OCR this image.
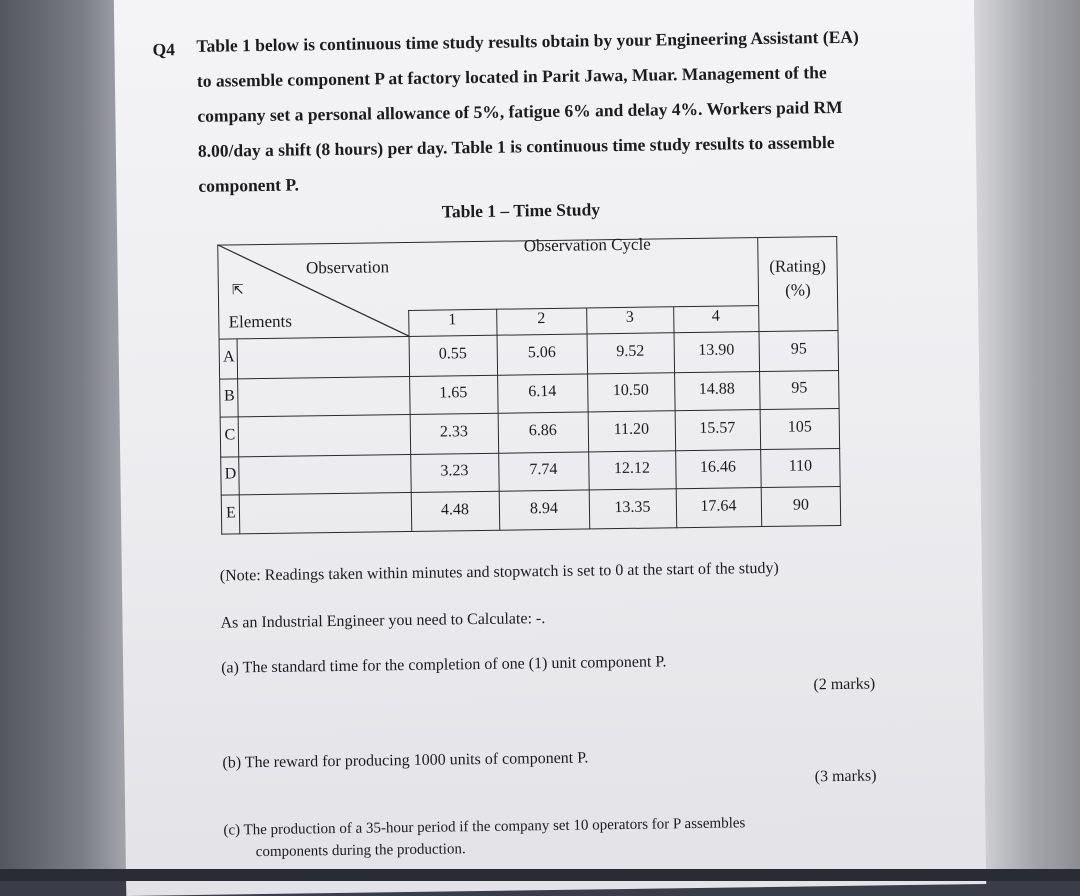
Q4 Table 1 below is continuous time study results obtain by your Engineering Assistant (EA)
to assemble component P at factory located in Parit Jawa, Muar. Management of the
company set a personal allowance of 5%, fatigue 6% and delay 4%. Workers paid RM
8.00/day a shift (8 hours) per day. Table 1 is continuous time study results to assemble
component P.
Table 1 – Time Study
Observation Cycle
Observation
Elements
(Rating)
(%)
⇱
1	2	3	4
A	0.55	5.06	9.52	13.90	95
B	1.65	6.14	10.50	14.88	95
C	2.33	6.86	11.20	15.57	105
D	3.23	7.74	12.12	16.46	110
E	4.48	8.94	13.35	17.64	90
(Note: Readings taken within minutes and stopwatch is set to 0 at the start of the study)
As an Industrial Engineer you need to Calculate: -.
(a) The standard time for the completion of one (1) unit component P.
(2 marks)
(b) The reward for producing 1000 units of component P.
(3 marks)
(c) The production of a 35-hour period if the company set 10 operators for P assembles
components during the production.
